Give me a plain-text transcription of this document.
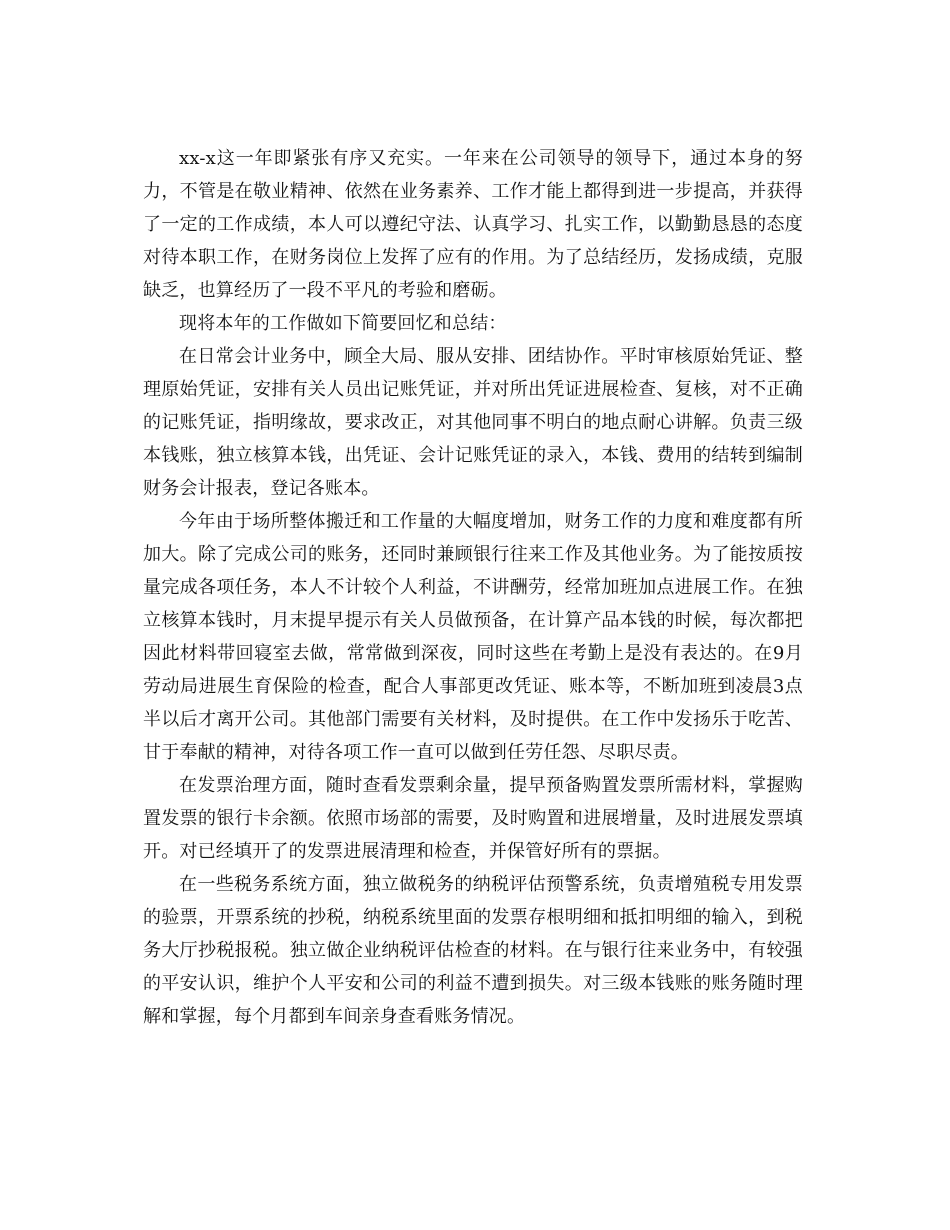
xx-x这一年即紧张有序又充实。一年来在公司领导的领导下，通过本身的努力，不管是在敬业精神、依然在业务素养、工作才能上都得到进一步提高，并获得了一定的工作成绩，本人可以遵纪守法、认真学习、扎实工作，以勤勤恳恳的态度对待本职工作，在财务岗位上发挥了应有的作用。为了总结经历，发扬成绩，克服缺乏，也算经历了一段不平凡的考验和磨砺。

现将本年的工作做如下简要回忆和总结：

在日常会计业务中，顾全大局、服从安排、团结协作。平时审核原始凭证、整理原始凭证，安排有关人员出记账凭证，并对所出凭证进展检查、复核，对不正确的记账凭证，指明缘故，要求改正，对其他同事不明白的地点耐心讲解。负责三级本钱账，独立核算本钱，出凭证、会计记账凭证的录入，本钱、费用的结转到编制财务会计报表，登记各账本。

今年由于场所整体搬迁和工作量的大幅度增加，财务工作的力度和难度都有所加大。除了完成公司的账务，还同时兼顾银行往来工作及其他业务。为了能按质按量完成各项任务，本人不计较个人利益，不讲酬劳，经常加班加点进展工作。在独立核算本钱时，月末提早提示有关人员做预备，在计算产品本钱的时候，每次都把因此材料带回寝室去做，常常做到深夜，同时这些在考勤上是没有表达的。在9月劳动局进展生育保险的检查，配合人事部更改凭证、账本等，不断加班到凌晨3点半以后才离开公司。其他部门需要有关材料，及时提供。在工作中发扬乐于吃苦、甘于奉献的精神，对待各项工作一直可以做到任劳任怨、尽职尽责。

在发票治理方面，随时查看发票剩余量，提早预备购置发票所需材料，掌握购置发票的银行卡余额。依照市场部的需要，及时购置和进展增量，及时进展发票填开。对已经填开了的发票进展清理和检查，并保管好所有的票据。

在一些税务系统方面，独立做税务的纳税评估预警系统，负责增殖税专用发票的验票，开票系统的抄税，纳税系统里面的发票存根明细和抵扣明细的输入，到税务大厅抄税报税。独立做企业纳税评估检查的材料。在与银行往来业务中，有较强的平安认识，维护个人平安和公司的利益不遭到损失。对三级本钱账的账务随时理解和掌握，每个月都到车间亲身查看账务情况。
